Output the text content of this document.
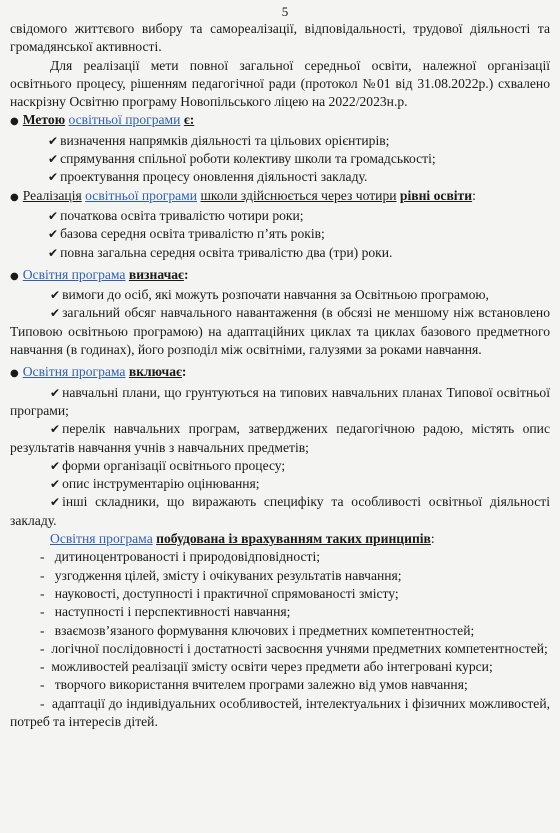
5

свідомого життєвого вибору та самореалізації, відповідальності, трудової діяльності та громадянської активності.

Для реалізації мети повної загальної середньої освіти, належної організації освітнього процесу, рішенням педагогічної ради (протокол №01 від 31.08.2022р.) схвалено наскрізну Освітню програму Новопільського ліцею на 2022/2023н.р.

● Метою освітньої програми є:

✔ визначення напрямків діяльності та цільових орієнтирів;

✔ спрямування спільної роботи колективу школи та громадськості;

✔ проектування процесу оновлення діяльності закладу.

● Реалізація освітньої програми школи здійснюється через чотири рівні освіти:

✔ початкова освіта тривалістю чотири роки;

✔ базова середня освіта тривалістю п’ять років;

✔ повна загальна середня освіта тривалістю два (три) роки.

● Освітня програма визначає:

✔ вимоги до осіб, які можуть розпочати навчання за Освітньою програмою,

✔ загальний обсяг навчального навантаження (в обсязі не меншому ніж встановлено Типовою освітньою програмою) на адаптаційних циклах та циклах базового предметного навчання (в годинах), його розподіл між освітніми, галузями за роками навчання.

● Освітня програма включає:

✔ навчальні плани, що грунтуються на типових навчальних планах Типової освітньої програми;

✔ перелік навчальних програм, затверджених педагогічною радою, містять опис результатів навчання учнів з навчальних предметів;

✔ форми організації освітнього процесу;

✔ опис інструментарію оцінювання;

✔ інші складники, що виражають специфіку та особливості освітньої діяльності закладу.

Освітня програма побудована із врахуванням таких принципів:

- дитиноцентрованості і природовідповідності;

- узгодження цілей, змісту і очікуваних результатів навчання;

- науковості, доступності і практичної спрямованості змісту;

- наступності і перспективності навчання;

- взаємозв’язаного формування ключових і предметних компетентностей;

- логічної послідовності і достатності засвоєння учнями предметних компетентностей;

- можливостей реалізації змісту освіти через предмети або інтегровані курси;

- творчого використання вчителем програми залежно від умов навчання;

- адаптації до індивідуальних особливостей, інтелектуальних і фізичних можливостей, потреб та інтересів дітей.
